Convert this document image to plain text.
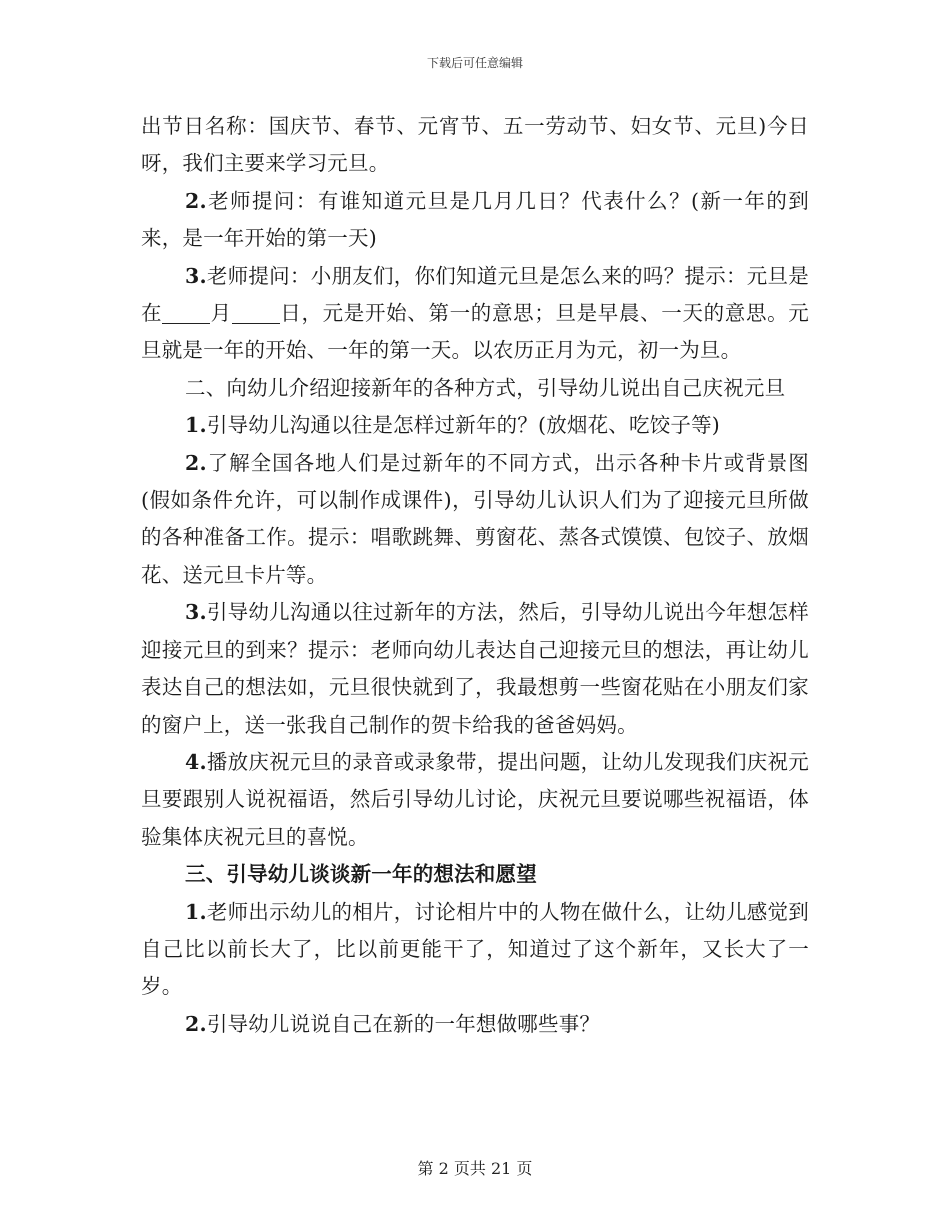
下载后可任意编辑

出节日名称：国庆节、春节、元宵节、五一劳动节、妇女节、元旦)今日呀，我们主要来学习元旦。

2.老师提问：有谁知道元旦是几月几日？代表什么？(新一年的到来，是一年开始的第一天)

3.老师提问：小朋友们，你们知道元旦是怎么来的吗？提示：元旦是在 月 日，元是开始、第一的意思；旦是早晨、一天的意思。元旦就是一年的开始、一年的第一天。以农历正月为元，初一为旦。

二、向幼儿介绍迎接新年的各种方式，引导幼儿说出自己庆祝元旦

1.引导幼儿沟通以往是怎样过新年的？(放烟花、吃饺子等)

2.了解全国各地人们是过新年的不同方式，出示各种卡片或背景图(假如条件允许，可以制作成课件)，引导幼儿认识人们为了迎接元旦所做的各种准备工作。提示：唱歌跳舞、剪窗花、蒸各式馍馍、包饺子、放烟花、送元旦卡片等。

3.引导幼儿沟通以往过新年的方法，然后，引导幼儿说出今年想怎样迎接元旦的到来？提示：老师向幼儿表达自己迎接元旦的想法，再让幼儿表达自己的想法如，元旦很快就到了，我最想剪一些窗花贴在小朋友们家的窗户上，送一张我自己制作的贺卡给我的爸爸妈妈。

4.播放庆祝元旦的录音或录象带，提出问题，让幼儿发现我们庆祝元旦要跟别人说祝福语，然后引导幼儿讨论，庆祝元旦要说哪些祝福语，体验集体庆祝元旦的喜悦。

三、引导幼儿谈谈新一年的想法和愿望

1.老师出示幼儿的相片，讨论相片中的人物在做什么，让幼儿感觉到自己比以前长大了，比以前更能干了，知道过了这个新年，又长大了一岁。

2.引导幼儿说说自己在新的一年想做哪些事？

第 2 页共 21 页
